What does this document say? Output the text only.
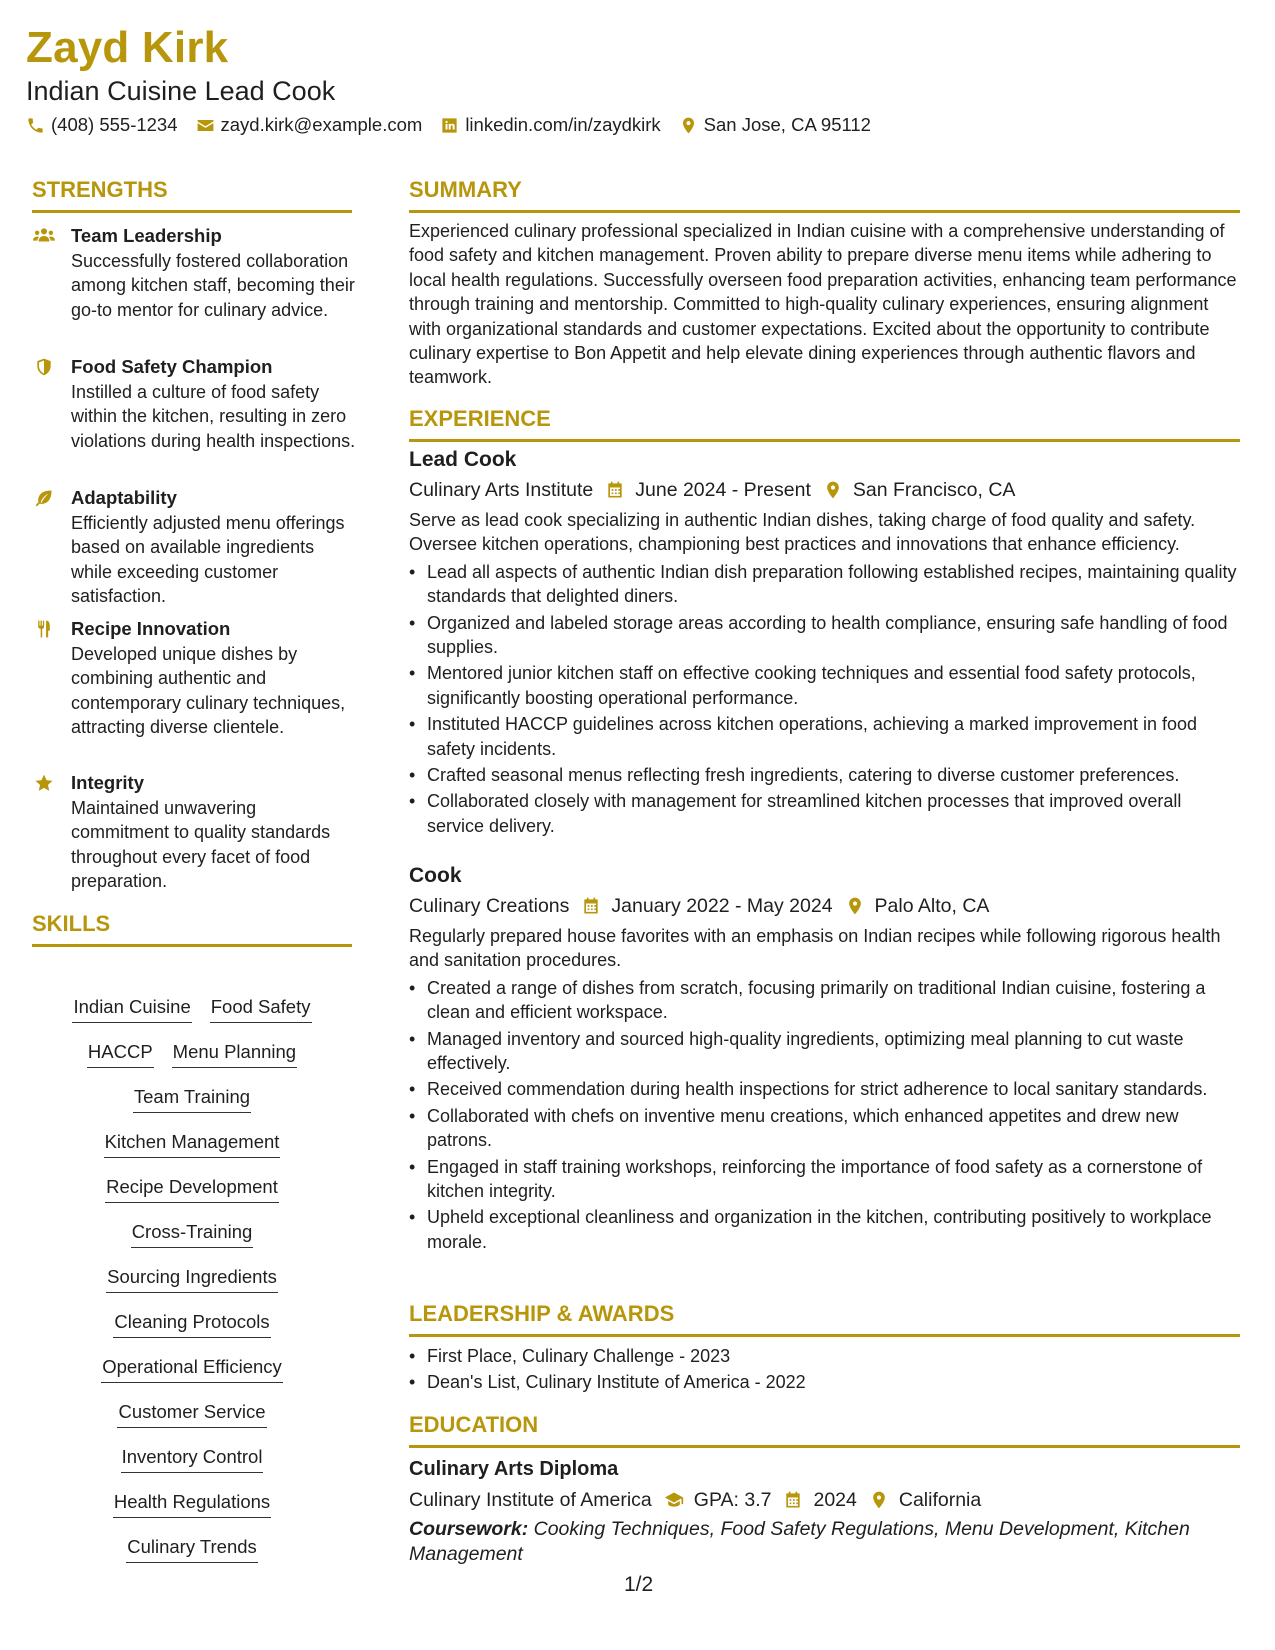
Zayd Kirk
Indian Cuisine Lead Cook
(408) 555-1234 zayd.kirk@example.com linkedin.com/in/zaydkirk San Jose, CA 95112
STRENGTHS
Team Leadership
Successfully fostered collaboration among kitchen staff, becoming their go-to mentor for culinary advice.
Food Safety Champion
Instilled a culture of food safety within the kitchen, resulting in zero violations during health inspections.
Adaptability
Efficiently adjusted menu offerings based on available ingredients while exceeding customer satisfaction.
Recipe Innovation
Developed unique dishes by combining authentic and contemporary culinary techniques, attracting diverse clientele.
Integrity
Maintained unwavering commitment to quality standards throughout every facet of food preparation.
SKILLS
Indian Cuisine Food Safety
HACCP Menu Planning
Team Training
Kitchen Management
Recipe Development
Cross-Training
Sourcing Ingredients
Cleaning Protocols
Operational Efficiency
Customer Service
Inventory Control
Health Regulations
Culinary Trends
SUMMARY
Experienced culinary professional specialized in Indian cuisine with a comprehensive understanding of food safety and kitchen management. Proven ability to prepare diverse menu items while adhering to local health regulations. Successfully overseen food preparation activities, enhancing team performance through training and mentorship. Committed to high-quality culinary experiences, ensuring alignment with organizational standards and customer expectations. Excited about the opportunity to contribute culinary expertise to Bon Appetit and help elevate dining experiences through authentic flavors and teamwork.
EXPERIENCE
Lead Cook
Culinary Arts Institute June 2024 - Present San Francisco, CA
Serve as lead cook specializing in authentic Indian dishes, taking charge of food quality and safety. Oversee kitchen operations, championing best practices and innovations that enhance efficiency.
• Lead all aspects of authentic Indian dish preparation following established recipes, maintaining quality standards that delighted diners.
• Organized and labeled storage areas according to health compliance, ensuring safe handling of food supplies.
• Mentored junior kitchen staff on effective cooking techniques and essential food safety protocols, significantly boosting operational performance.
• Instituted HACCP guidelines across kitchen operations, achieving a marked improvement in food safety incidents.
• Crafted seasonal menus reflecting fresh ingredients, catering to diverse customer preferences.
• Collaborated closely with management for streamlined kitchen processes that improved overall service delivery.
Cook
Culinary Creations January 2022 - May 2024 Palo Alto, CA
Regularly prepared house favorites with an emphasis on Indian recipes while following rigorous health and sanitation procedures.
• Created a range of dishes from scratch, focusing primarily on traditional Indian cuisine, fostering a clean and efficient workspace.
• Managed inventory and sourced high-quality ingredients, optimizing meal planning to cut waste effectively.
• Received commendation during health inspections for strict adherence to local sanitary standards.
• Collaborated with chefs on inventive menu creations, which enhanced appetites and drew new patrons.
• Engaged in staff training workshops, reinforcing the importance of food safety as a cornerstone of kitchen integrity.
• Upheld exceptional cleanliness and organization in the kitchen, contributing positively to workplace morale.
LEADERSHIP & AWARDS
• First Place, Culinary Challenge - 2023
• Dean's List, Culinary Institute of America - 2022
EDUCATION
Culinary Arts Diploma
Culinary Institute of America GPA: 3.7 2024 California
Coursework: Cooking Techniques, Food Safety Regulations, Menu Development, Kitchen Management
1/2
